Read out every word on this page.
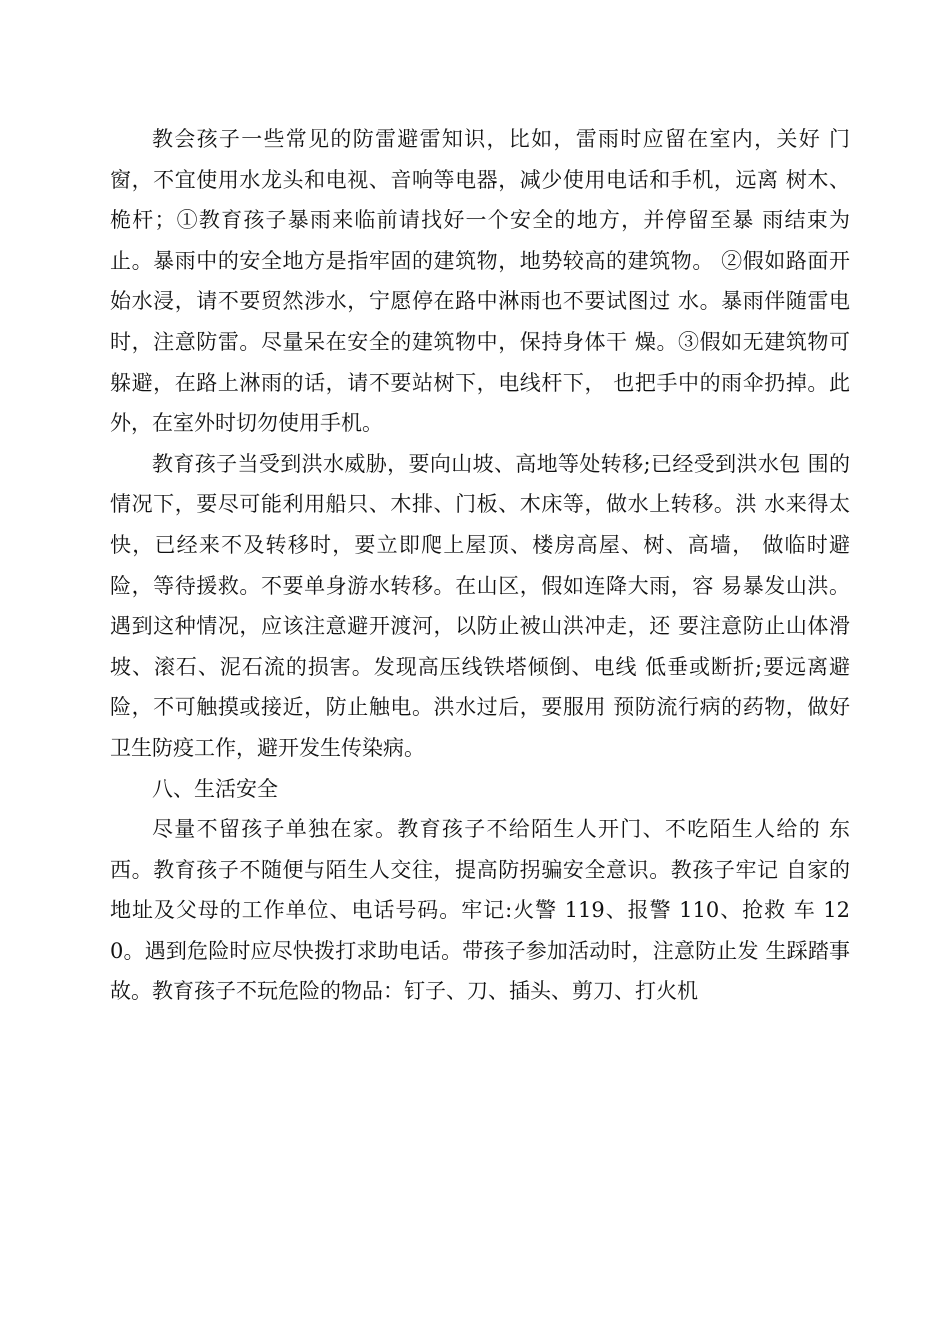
教会孩子一些常见的防雷避雷知识，比如，雷雨时应留在室内，关好 门窗，不宜使用水龙头和电视、音响等电器，减少使用电话和手机，远离 树木、桅杆；①教育孩子暴雨来临前请找好一个安全的地方，并停留至暴 雨结束为止。暴雨中的安全地方是指牢固的建筑物，地势较高的建筑物。 ②假如路面开始水浸，请不要贸然涉水，宁愿停在路中淋雨也不要试图过 水。暴雨伴随雷电时，注意防雷。尽量呆在安全的建筑物中，保持身体干 燥。③假如无建筑物可躲避，在路上淋雨的话，请不要站树下，电线杆下， 也把手中的雨伞扔掉。此外，在室外时切勿使用手机。

教育孩子当受到洪水威胁，要向山坡、高地等处转移;已经受到洪水包 围的情况下，要尽可能利用船只、木排、门板、木床等，做水上转移。洪 水来得太快，已经来不及转移时，要立即爬上屋顶、楼房高屋、树、高墙， 做临时避险，等待援救。不要单身游水转移。在山区，假如连降大雨，容 易暴发山洪。遇到这种情况，应该注意避开渡河，以防止被山洪冲走，还 要注意防止山体滑坡、滚石、泥石流的损害。发现高压线铁塔倾倒、电线 低垂或断折;要远离避险，不可触摸或接近，防止触电。洪水过后，要服用 预防流行病的药物，做好卫生防疫工作，避开发生传染病。

八、生活安全

尽量不留孩子单独在家。教育孩子不给陌生人开门、不吃陌生人给的 东西。教育孩子不随便与陌生人交往，提高防拐骗安全意识。教孩子牢记 自家的地址及父母的工作单位、电话号码。牢记:火警 119、报警 110、抢救 车 120。遇到危险时应尽快拨打求助电话。带孩子参加活动时，注意防止发 生踩踏事故。教育孩子不玩危险的物品：钉子、刀、插头、剪刀、打火机
